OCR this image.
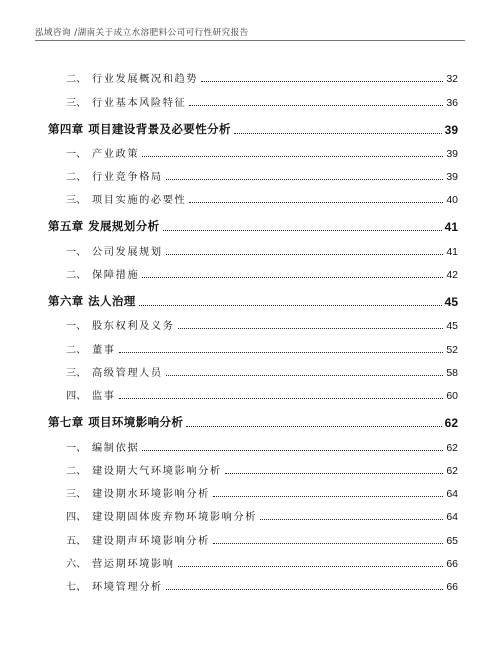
泓域咨询 /湖南关于成立水溶肥料公司可行性研究报告
二、 行业发展概况和趋势	32
三、 行业基本风险特征	36
第四章 项目建设背景及必要性分析	39
一、 产业政策	39
二、 行业竞争格局	39
三、 项目实施的必要性	40
第五章 发展规划分析	41
一、 公司发展规划	41
二、 保障措施	42
第六章 法人治理	45
一、 股东权利及义务	45
二、 董事	52
三、 高级管理人员	58
四、 监事	60
第七章 项目环境影响分析	62
一、 编制依据	62
二、 建设期大气环境影响分析	62
三、 建设期水环境影响分析	64
四、 建设期固体废弃物环境影响分析	64
五、 建设期声环境影响分析	65
六、 营运期环境影响	66
七、 环境管理分析	66
